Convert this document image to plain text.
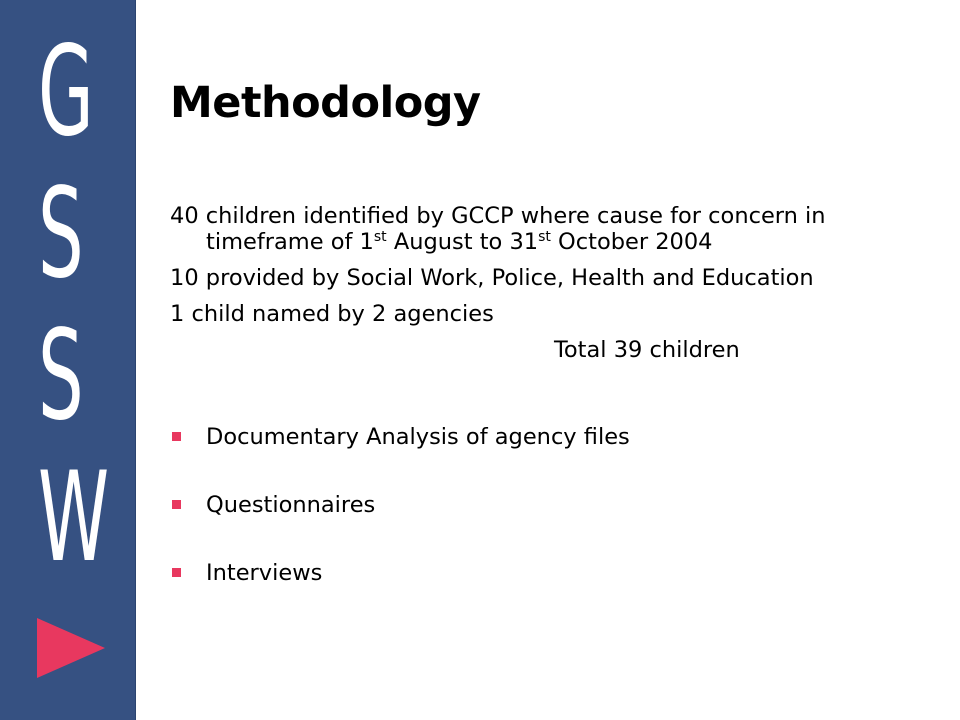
G
S
S
W
Methodology

40 children identified by GCCP where cause for concern in timeframe of 1st August to 31st October 2004

10 provided by Social Work, Police, Health and Education

1 child named by 2 agencies

Total 39 children

Documentary Analysis of agency files
Questionnaires
Interviews
